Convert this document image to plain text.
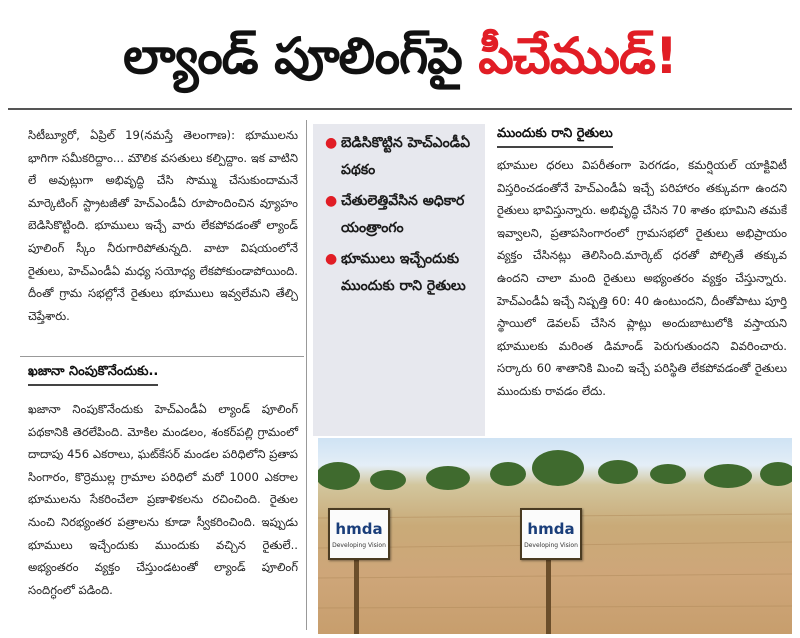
ల్యాండ్ పూలింగ్‌పై పీచేముడ్!

సిటీబ్యూరో, ఏప్రిల్ 19(నమస్తే తెలంగాణ): భూములను భాగిగా సమీకరిద్దాం... మౌలిక వసతులు కల్పిద్దాం. ఇక వాటిని లే అవుట్లుగా అభివృద్ధి చేసి సొమ్ము చేసుకుందామనే మార్కెటింగ్ స్ట్రాటజీతో హెచ్ఎండీఏ రూపొందించిన వ్యూహం బెడిసికొట్టింది. భూములు ఇచ్చే వారు లేకపోవడంతో ల్యాండ్ పూలింగ్ స్కీం నీరుగారిపోతున్నది. వాటా విషయంలోనే రైతులు, హెచ్ఎండీఏ మధ్య సయోధ్య లేకపోకుండాపోయింది. దీంతో గ్రామ సభల్లోనే రైతులు భూములు ఇవ్వలేమని తేల్చి చెప్తేశారు.

ఖజానా నింపుకొనేందుకు..

ఖజానా నింపుకొనేందుకు హెచ్ఎండీఏ ల్యాండ్ పూలింగ్ పథకానికి తెరలేపింది. మోకిల మండలం, శంకర్‌పల్లి గ్రామంలో దాదాపు 456 ఎకరాలు, ఘట్‌కేసర్ మండల పరిధిలోని ప్రతాప సింగారం, కొర్రెముల్ల గ్రామాల పరిధిలో మరో 1000 ఎకరాల భూములను సేకరించేలా ప్రణాళికలను రచించింది. రైతుల నుంచి నిరభ్యంతర పత్రాలను కూడా స్వీకరించింది. ఇప్పుడు భూములు ఇచ్చేందుకు ముందుకు వచ్చిన రైతులే.. అభ్యంతరం వ్యక్తం చేస్తుండటంతో ల్యాండ్ పూలింగ్ సందిగ్ధంలో పడింది.

● బెడిసికొట్టిన హెచ్ఎండీఏ పథకం
● చేతులెత్తివేసిన అధికార యంత్రాంగం
● భూములు ఇచ్చేందుకు ముందుకు రాని రైతులు
ముందుకు రాని రైతులు

భూముల ధరలు విపరీతంగా పెరగడం, కమర్షియల్ యాక్టివిటీ విస్తరించడంతోనే హెచ్ఎండీఏ ఇచ్చే పరిహారం తక్కువగా ఉందని రైతులు భావిస్తున్నారు. అభివృద్ధి చేసిన 70 శాతం భూమిని తమకే ఇవ్వాలని, ప్రతాపసింగారంలో గ్రామసభలో రైతులు అభిప్రాయం వ్యక్తం చేసినట్లు తెలిసింది.మార్కెట్ ధరతో పోల్చితే తక్కువ ఉందని చాలా మంది రైతులు అభ్యంతరం వ్యక్తం చేస్తున్నారు. హెచ్ఎండీఏ ఇచ్చే నిష్పత్తి 60: 40 ఉంటుందని, దీంతోపాటు పూర్తి స్థాయిలో డెవలప్ చేసిన ప్లాట్లు అందుబాటులోకి వస్తాయని భూములకు మరింత డిమాండ్ పెరుగుతుందని వివరించారు. సర్కారు 60 శాతానికి మించి ఇచ్చే పరిస్థితి లేకపోవడంతో రైతులు ముందుకు రావడం లేదు.

hmda
Developing Vision
hmda
Developing Vision
